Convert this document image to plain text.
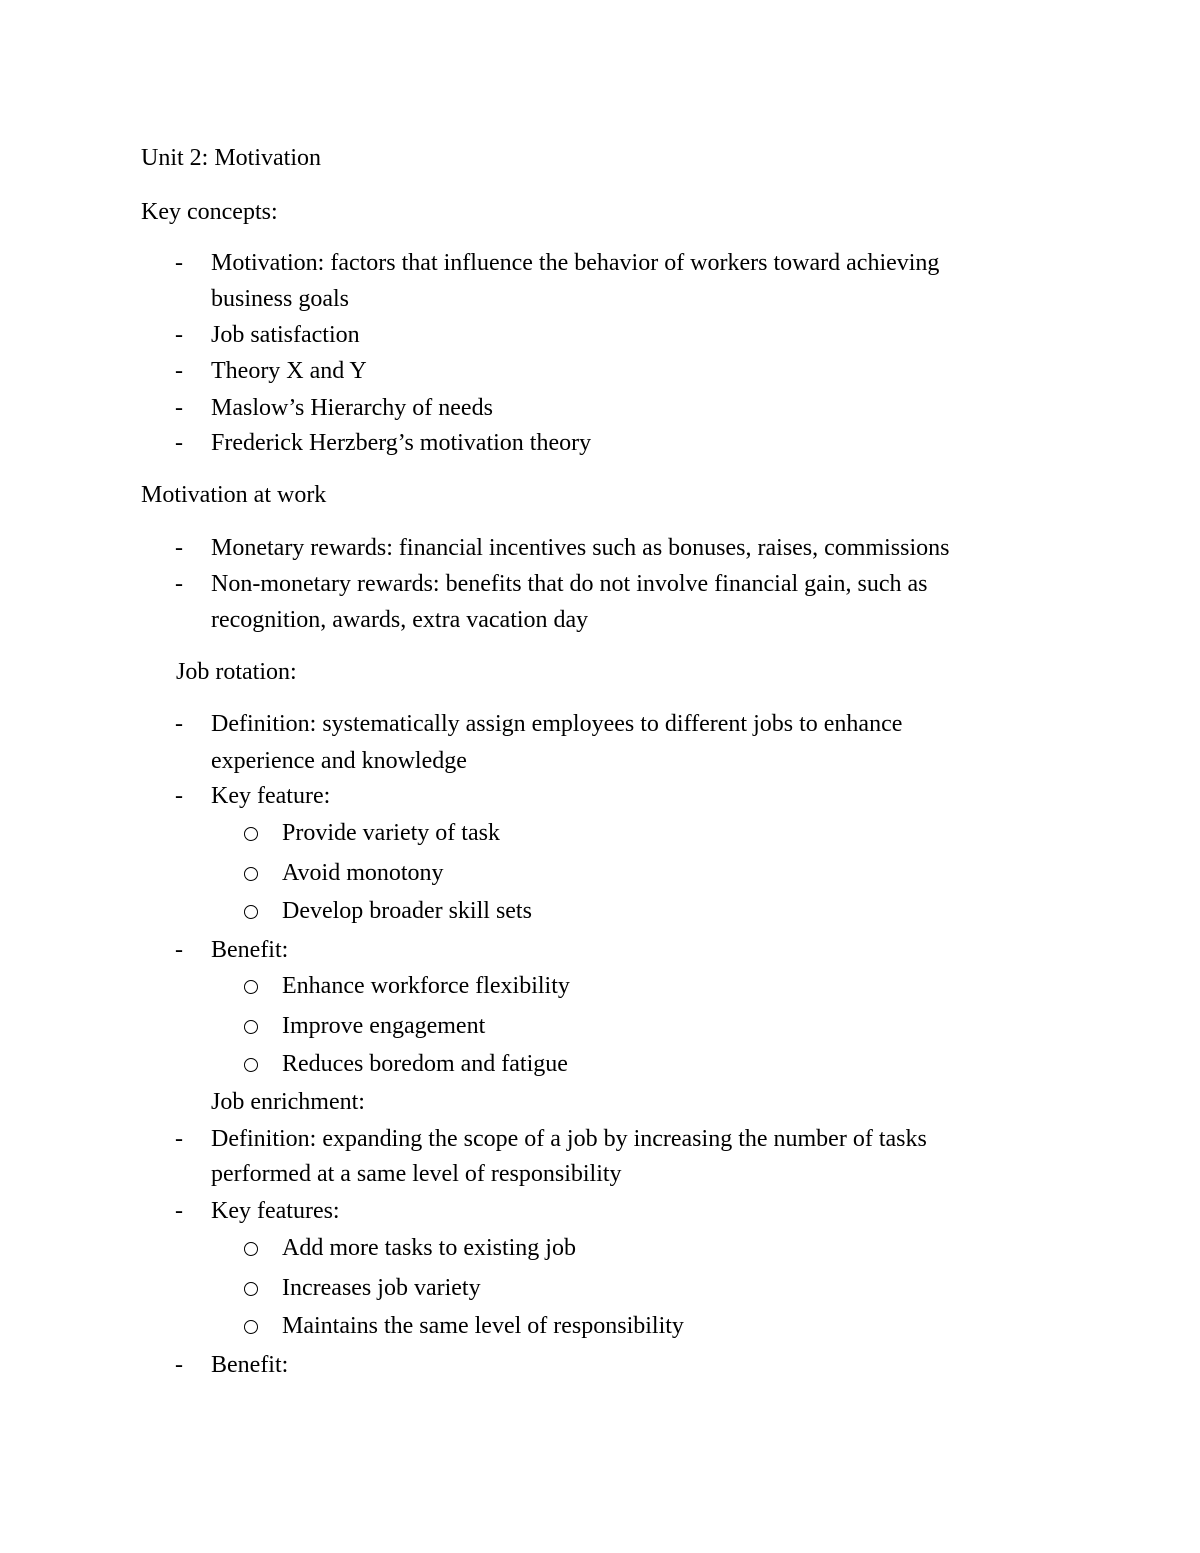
Unit 2: Motivation
Key concepts:
- Motivation: factors that influence the behavior of workers toward achieving
business goals
- Job satisfaction
- Theory X and Y
- Maslow’s Hierarchy of needs
- Frederick Herzberg’s motivation theory
Motivation at work
- Monetary rewards: financial incentives such as bonuses, raises, commissions
- Non-monetary rewards: benefits that do not involve financial gain, such as
recognition, awards, extra vacation day
Job rotation:
- Definition: systematically assign employees to different jobs to enhance
experience and knowledge
- Key feature:
Provide variety of task
Avoid monotony
Develop broader skill sets
- Benefit:
Enhance workforce flexibility
Improve engagement
Reduces boredom and fatigue
Job enrichment:
- Definition: expanding the scope of a job by increasing the number of tasks
performed at a same level of responsibility
- Key features:
Add more tasks to existing job
Increases job variety
Maintains the same level of responsibility
- Benefit:
